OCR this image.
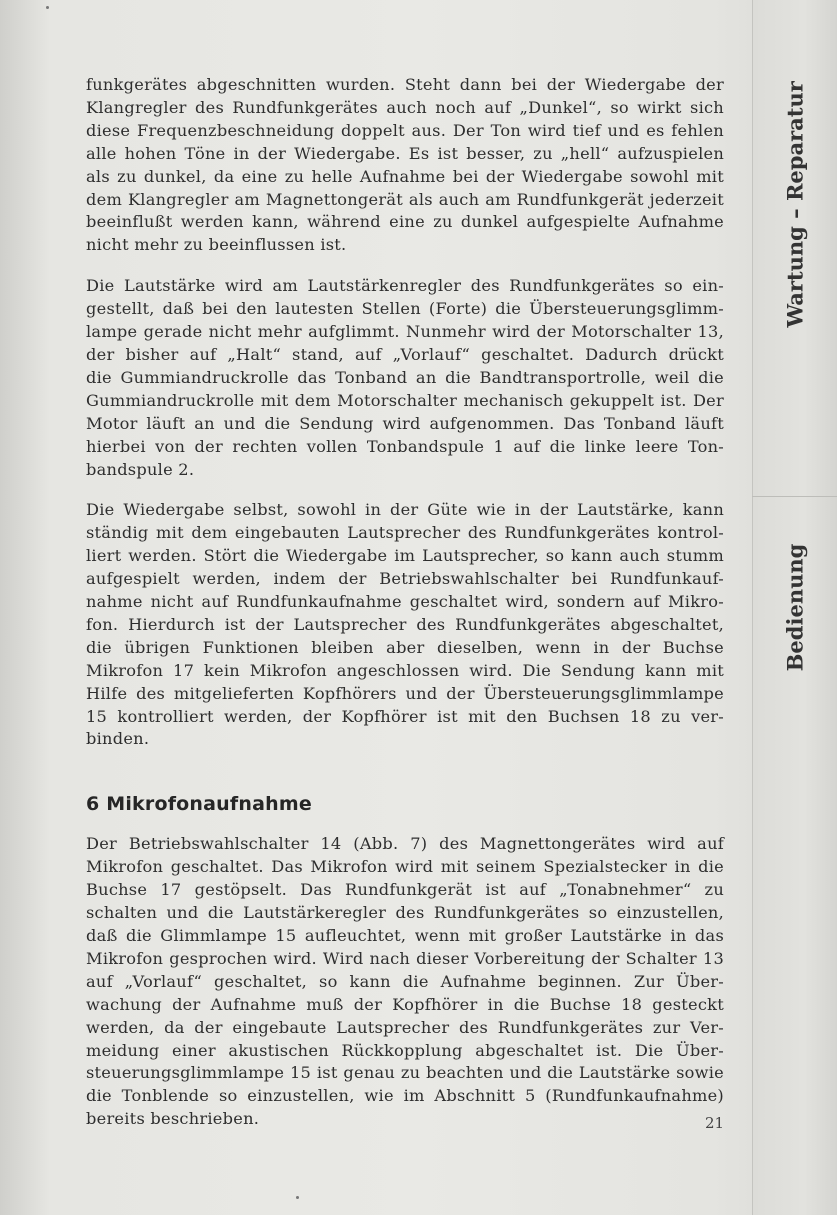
Wartung – Reparatur
Bedienung

funkgerätes abgeschnitten wurden. Steht dann bei der Wiedergabe der
Klangregler des Rundfunkgerätes auch noch auf „Dunkel“, so wirkt sich
diese Frequenzbeschneidung doppelt aus. Der Ton wird tief und es fehlen
alle hohen Töne in der Wiedergabe. Es ist besser, zu „hell“ aufzuspielen
als zu dunkel, da eine zu helle Aufnahme bei der Wiedergabe sowohl mit
dem Klangregler am Magnettongerät als auch am Rundfunkgerät jederzeit
beeinflußt werden kann, während eine zu dunkel aufgespielte Aufnahme
nicht mehr zu beeinflussen ist.

Die Lautstärke wird am Lautstärkenregler des Rundfunkgerätes so ein-
gestellt, daß bei den lautesten Stellen (Forte) die Übersteuerungsglimm-
lampe gerade nicht mehr aufglimmt. Nunmehr wird der Motorschalter 13,
der bisher auf „Halt“ stand, auf „Vorlauf“ geschaltet. Dadurch drückt
die Gummiandruckrolle das Tonband an die Bandtransportrolle, weil die
Gummiandruckrolle mit dem Motorschalter mechanisch gekuppelt ist. Der
Motor läuft an und die Sendung wird aufgenommen. Das Tonband läuft
hierbei von der rechten vollen Tonbandspule 1 auf die linke leere Ton-
bandspule 2.

Die Wiedergabe selbst, sowohl in der Güte wie in der Lautstärke, kann
ständig mit dem eingebauten Lautsprecher des Rundfunkgerätes kontrol-
liert werden. Stört die Wiedergabe im Lautsprecher, so kann auch stumm
aufgespielt werden, indem der Betriebswahlschalter bei Rundfunkauf-
nahme nicht auf Rundfunkaufnahme geschaltet wird, sondern auf Mikro-
fon. Hierdurch ist der Lautsprecher des Rundfunkgerätes abgeschaltet,
die übrigen Funktionen bleiben aber dieselben, wenn in der Buchse
Mikrofon 17 kein Mikrofon angeschlossen wird. Die Sendung kann mit
Hilfe des mitgelieferten Kopfhörers und der Übersteuerungsglimmlampe
15 kontrolliert werden, der Kopfhörer ist mit den Buchsen 18 zu ver-
binden.

6 Mikrofonaufnahme

Der Betriebswahlschalter 14 (Abb. 7) des Magnettongerätes wird auf
Mikrofon geschaltet. Das Mikrofon wird mit seinem Spezialstecker in die
Buchse 17 gestöpselt. Das Rundfunkgerät ist auf „Tonabnehmer“ zu
schalten und die Lautstärkeregler des Rundfunkgerätes so einzustellen,
daß die Glimmlampe 15 aufleuchtet, wenn mit großer Lautstärke in das
Mikrofon gesprochen wird. Wird nach dieser Vorbereitung der Schalter 13
auf „Vorlauf“ geschaltet, so kann die Aufnahme beginnen. Zur Über-
wachung der Aufnahme muß der Kopfhörer in die Buchse 18 gesteckt
werden, da der eingebaute Lautsprecher des Rundfunkgerätes zur Ver-
meidung einer akustischen Rückkopplung abgeschaltet ist. Die Über-
steuerungsglimmlampe 15 ist genau zu beachten und die Lautstärke sowie
die Tonblende so einzustellen, wie im Abschnitt 5 (Rundfunkaufnahme)
bereits beschrieben.	21
